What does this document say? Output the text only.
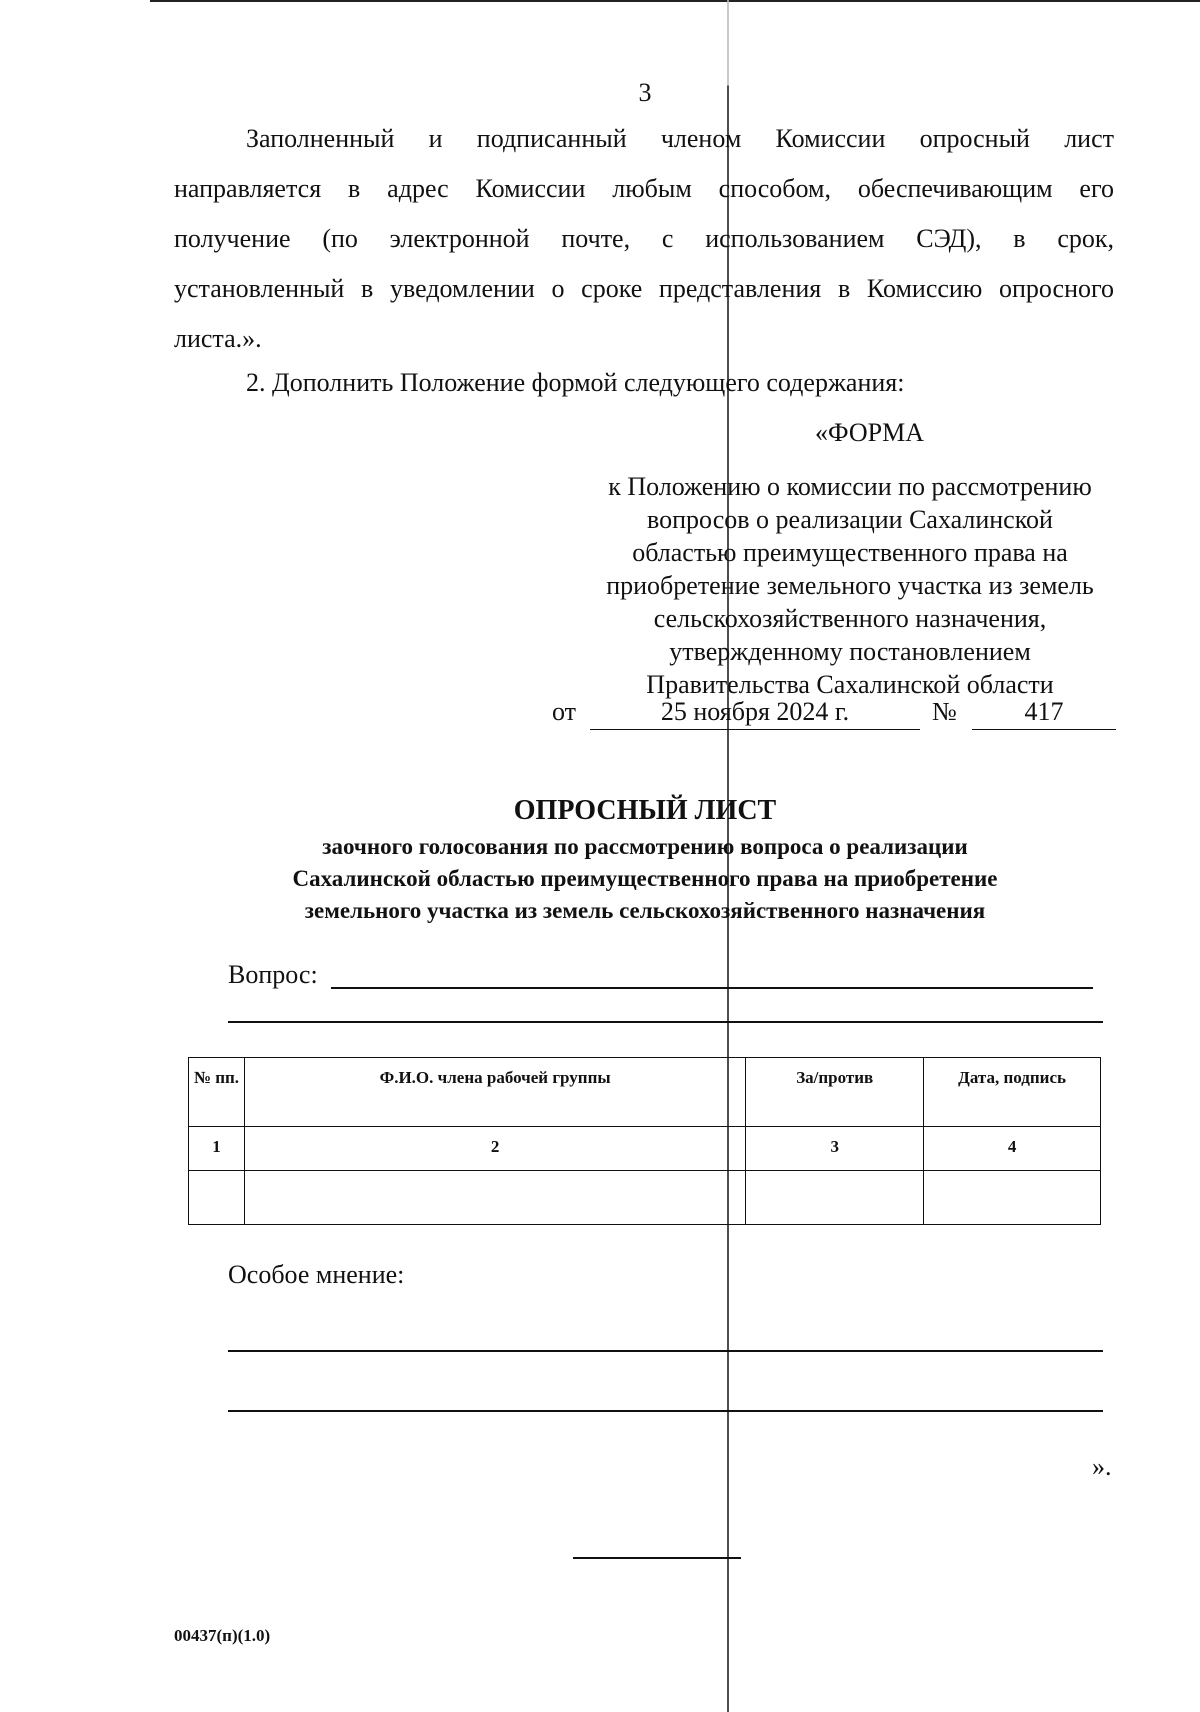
3
Заполненный и подписанный членом Комиссии опросный лист
направляется в адрес Комиссии любым способом, обеспечивающим его
получение (по электронной почте, с использованием СЭД), в срок,
установленный в уведомлении о сроке представления в Комиссию опросного
листа.».
2. Дополнить Положение формой следующего содержания:
«ФОРМА
к Положению о комиссии по рассмотрению
вопросов о реализации Сахалинской
областью преимущественного права на
приобретение земельного участка из земель
сельскохозяйственного назначения,
утвержденному постановлением
Правительства Сахалинской области
от	25 ноября 2024 г.	№	417
ОПРОСНЫЙ ЛИСТ
заочного голосования по рассмотрению вопроса о реализации
Сахалинской областью преимущественного права на приобретение
земельного участка из земель сельскохозяйственного назначения
Вопрос:
№ пп.	Ф.И.О. члена рабочей группы	За/против	Дата, подпись
1	2	3	4

Особое мнение:
».
00437(п)(1.0)
